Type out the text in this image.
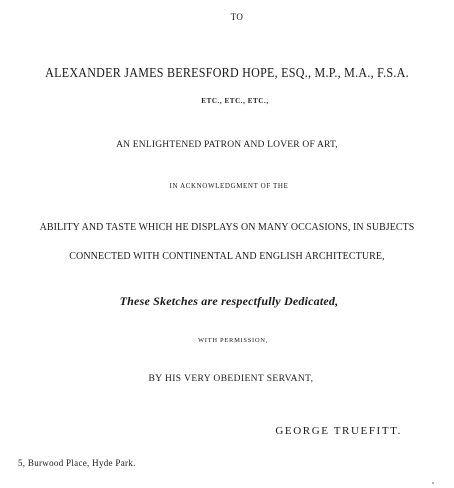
TO
ALEXANDER JAMES BERESFORD HOPE, ESQ., M.P., M.A., F.S.A.
ETC., ETC., ETC.,
AN ENLIGHTENED PATRON AND LOVER OF ART,
IN ACKNOWLEDGMENT OF THE
ABILITY AND TASTE WHICH HE DISPLAYS ON MANY OCCASIONS, IN SUBJECTS
CONNECTED WITH CONTINENTAL AND ENGLISH ARCHITECTURE,
These Sketches are respectfully Dedicated,
WITH PERMISSION,
BY HIS VERY OBEDIENT SERVANT,
GEORGE TRUEFITT.
5, Burwood Place, Hyde Park.
